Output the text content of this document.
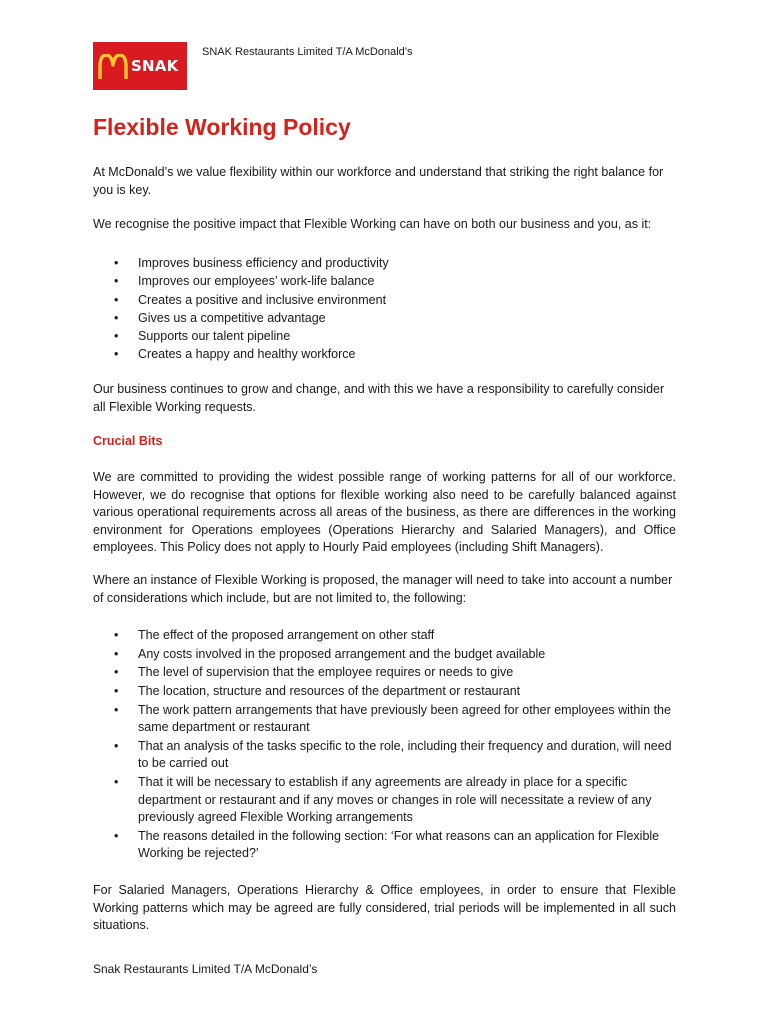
SNAK
SNAK Restaurants Limited T/A McDonald’s
Flexible Working Policy

At McDonald’s we value flexibility within our workforce and understand that striking the right balance for you is key.

We recognise the positive impact that Flexible Working can have on both our business and you, as it:

• Improves business efficiency and productivity
• Improves our employees’ work-life balance
• Creates a positive and inclusive environment
• Gives us a competitive advantage
• Supports our talent pipeline
• Creates a happy and healthy workforce

Our business continues to grow and change, and with this we have a responsibility to carefully consider all Flexible Working requests.

Crucial Bits

We are committed to providing the widest possible range of working patterns for all of our workforce. However, we do recognise that options for flexible working also need to be carefully balanced against various operational requirements across all areas of the business, as there are differences in the working environment for Operations employees (Operations Hierarchy and Salaried Managers), and Office employees. This Policy does not apply to Hourly Paid employees (including Shift Managers).

Where an instance of Flexible Working is proposed, the manager will need to take into account a number of considerations which include, but are not limited to, the following:

• The effect of the proposed arrangement on other staff
• Any costs involved in the proposed arrangement and the budget available
• The level of supervision that the employee requires or needs to give
• The location, structure and resources of the department or restaurant
• The work pattern arrangements that have previously been agreed for other employees within the same department or restaurant
• That an analysis of the tasks specific to the role, including their frequency and duration, will need to be carried out
• That it will be necessary to establish if any agreements are already in place for a specific department or restaurant and if any moves or changes in role will necessitate a review of any previously agreed Flexible Working arrangements
• The reasons detailed in the following section: ‘For what reasons can an application for Flexible Working be rejected?’

For Salaried Managers, Operations Hierarchy & Office employees, in order to ensure that Flexible Working patterns which may be agreed are fully considered, trial periods will be implemented in all such situations.

Snak Restaurants Limited T/A McDonald’s
